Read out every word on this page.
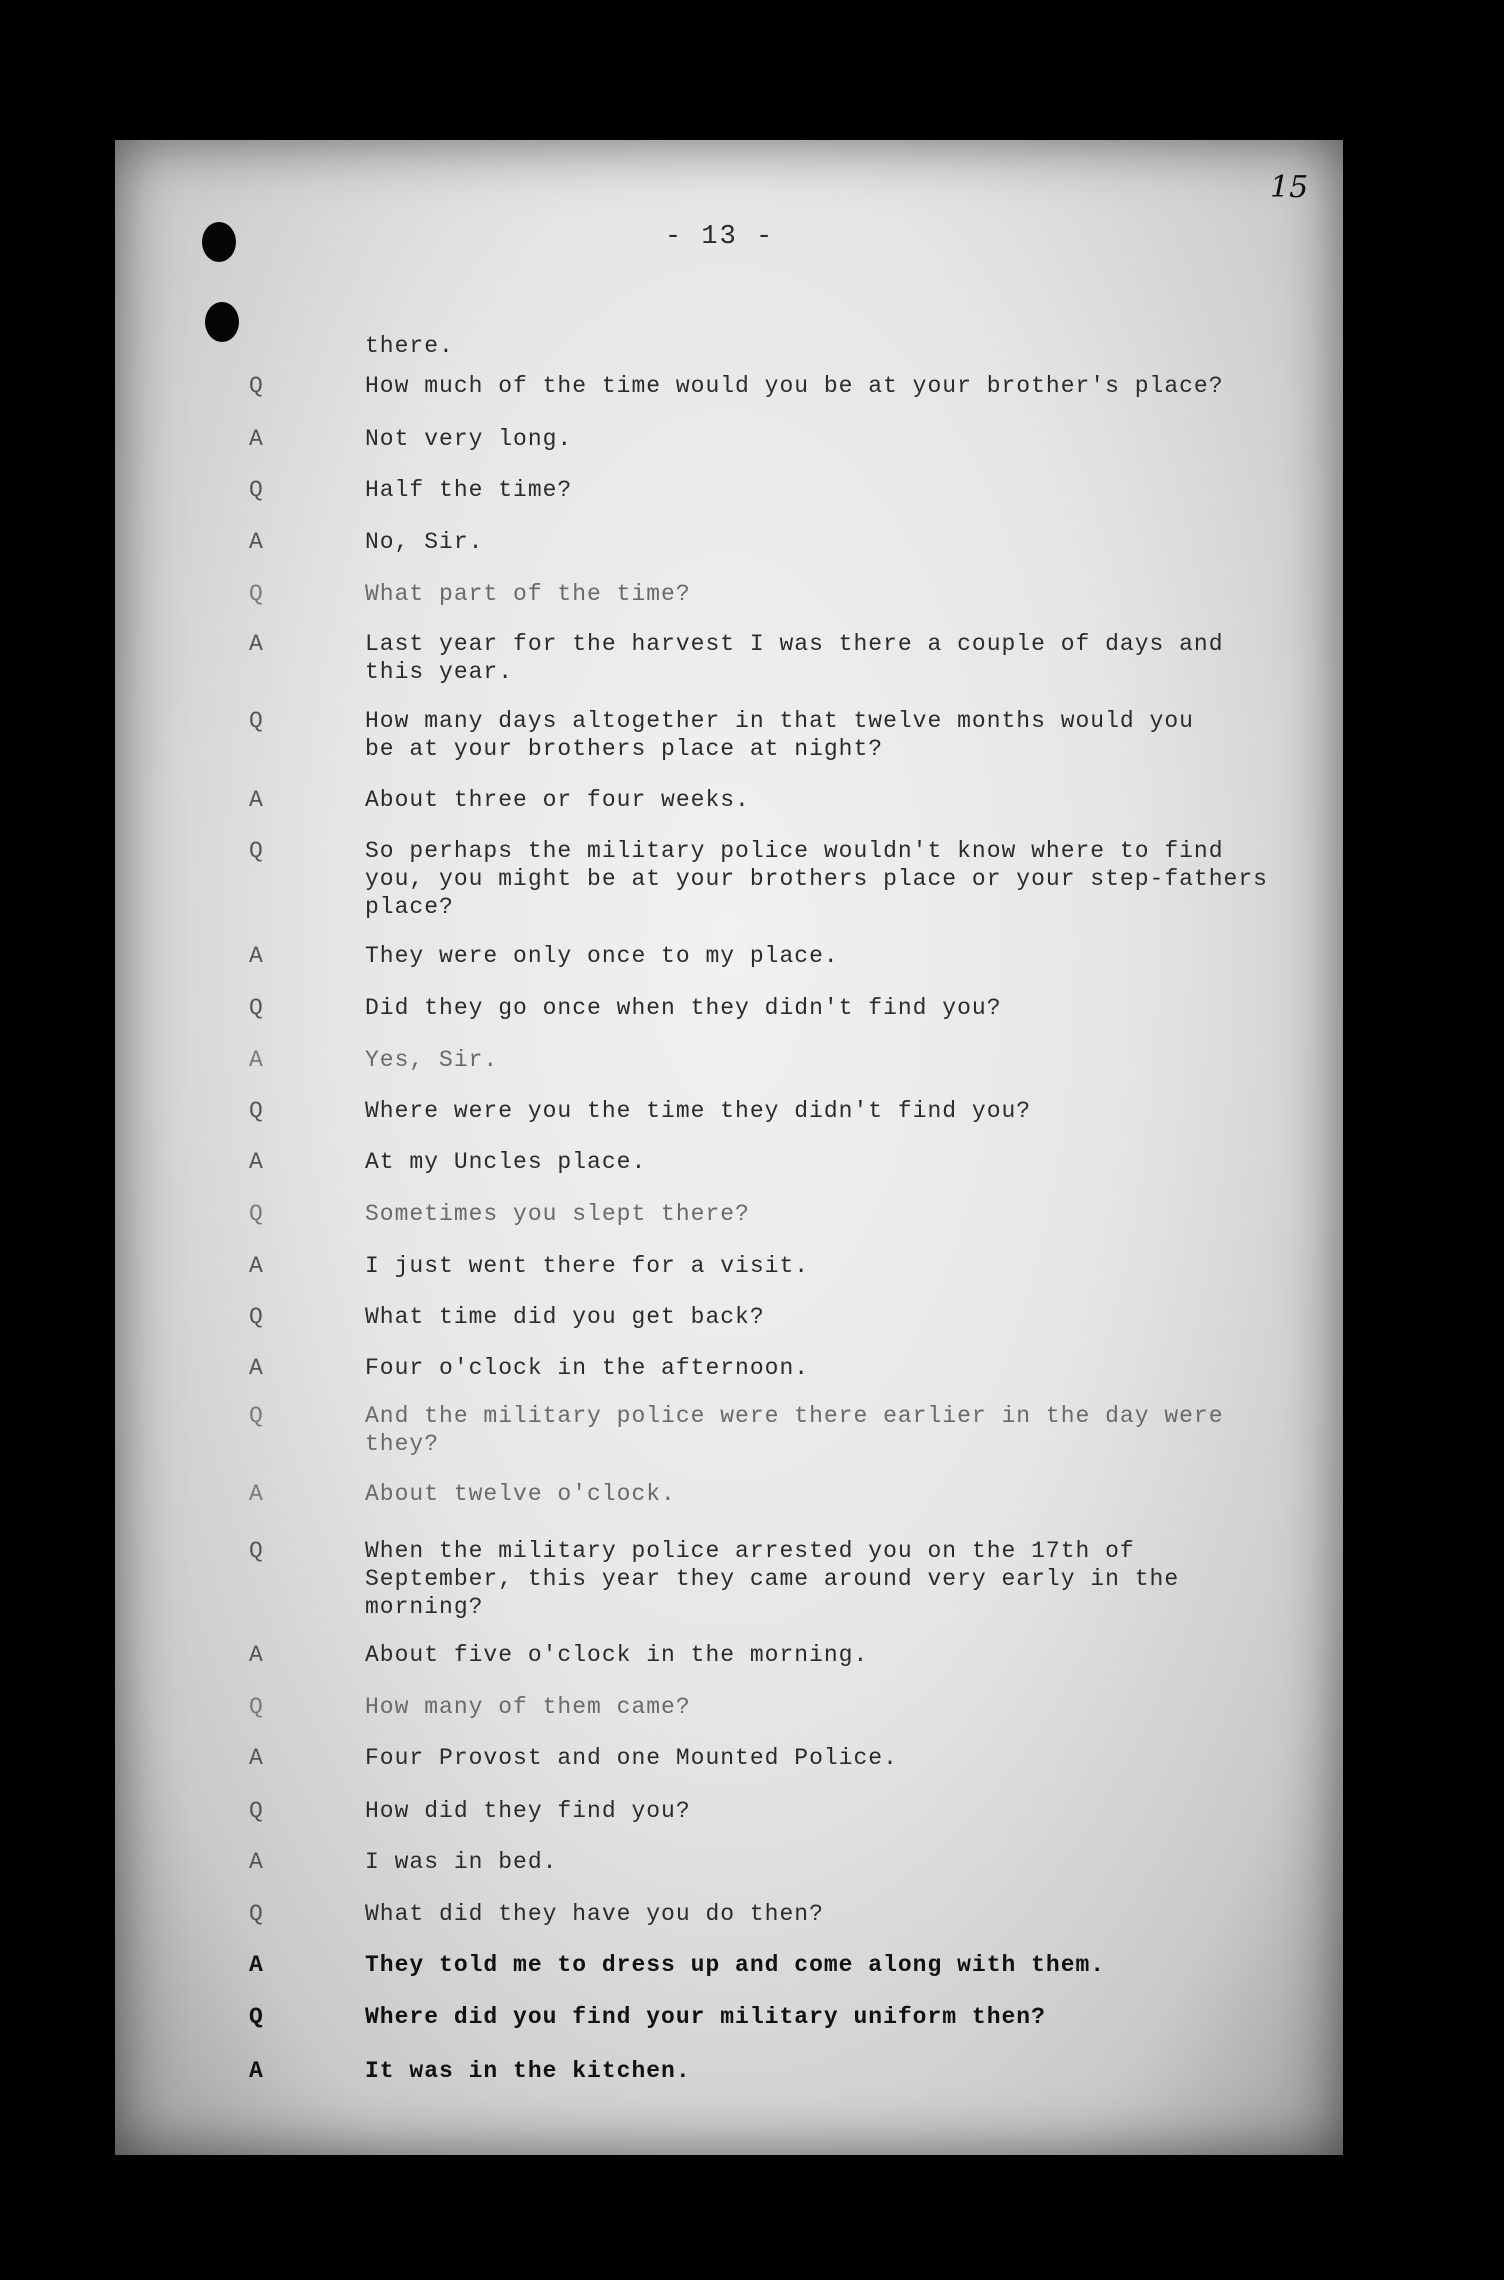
- 13 -
15
there.
Q	How much of the time would you be at your brother's place?
A	Not very long.
Q	Half the time?
A	No, Sir.
Q	What part of the time?
A	Last year for the harvest I was there a couple of days and
this year.
Q	How many days altogether in that twelve months would you
be at your brothers place at night?
A	About three or four weeks.
Q	So perhaps the military police wouldn't know where to find
you, you might be at your brothers place or your step-fathers
place?
A	They were only once to my place.
Q	Did they go once when they didn't find you?
A	Yes, Sir.
Q	Where were you the time they didn't find you?
A	At my Uncles place.
Q	Sometimes you slept there?
A	I just went there for a visit.
Q	What time did you get back?
A	Four o'clock in the afternoon.
Q	And the military police were there earlier in the day were
they?
A	About twelve o'clock.
Q	When the military police arrested you on the 17th of
September, this year they came around very early in the
morning?
A	About five o'clock in the morning.
Q	How many of them came?
A	Four Provost and one Mounted Police.
Q	How did they find you?
A	I was in bed.
Q	What did they have you do then?
A	They told me to dress up and come along with them.
Q	Where did you find your military uniform then?
A	It was in the kitchen.
